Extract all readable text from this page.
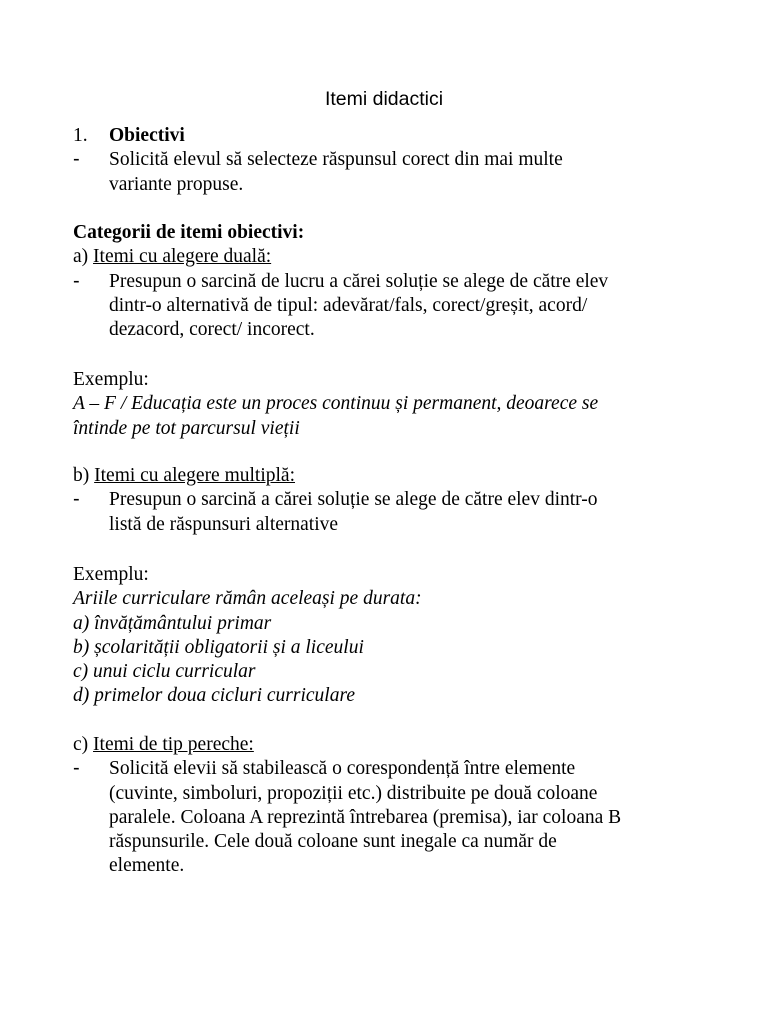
Itemi didactici
1. Obiectivi
- Solicită elevul să selecteze răspunsul corect din mai multe
variante propuse.
Categorii de itemi obiectivi:
a) Itemi cu alegere duală:
- Presupun o sarcină de lucru a cărei soluție se alege de către elev
dintr-o alternativă de tipul: adevărat/fals, corect/greșit, acord/
dezacord, corect/ incorect.
Exemplu:
A – F / Educația este un proces continuu și permanent, deoarece se
întinde pe tot parcursul vieții
b) Itemi cu alegere multiplă:
- Presupun o sarcină a cărei soluție se alege de către elev dintr-o
listă de răspunsuri alternative
Exemplu:
Ariile curriculare rămân aceleași pe durata:
a) învățământului primar
b) școlarității obligatorii și a liceului
c) unui ciclu curricular
d) primelor doua cicluri curriculare
c) Itemi de tip pereche:
- Solicită elevii să stabilească o corespondență între elemente
(cuvinte, simboluri, propoziții etc.) distribuite pe două coloane
paralele. Coloana A reprezintă întrebarea (premisa), iar coloana B
răspunsurile. Cele două coloane sunt inegale ca număr de
elemente.
